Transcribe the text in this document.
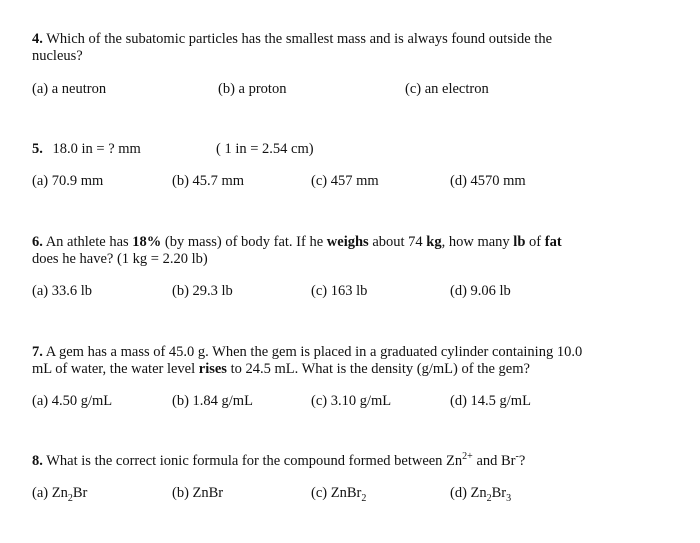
4. Which of the subatomic particles has the smallest mass and is always found outside the
nucleus?
(a) a neutron	(b) a proton	(c) an electron
5. 18.0 in = ? mm	( 1 in = 2.54 cm)
(a) 70.9 mm	(b) 45.7 mm	(c) 457 mm	(d) 4570 mm
6. An athlete has 18% (by mass) of body fat. If he weighs about 74 kg, how many lb of fat
does he have? (1 kg = 2.20 lb)
(a) 33.6 lb	(b) 29.3 lb	(c) 163 lb	(d) 9.06 lb
7. A gem has a mass of 45.0 g. When the gem is placed in a graduated cylinder containing 10.0
mL of water, the water level rises to 24.5 mL. What is the density (g/mL) of the gem?
(a) 4.50 g/mL	(b) 1.84 g/mL	(c) 3.10 g/mL	(d) 14.5 g/mL
8. What is the correct ionic formula for the compound formed between $Zn^{2+}$ and Br-?
(a) $Zn_2Br$	(b) ZnBr	(c) ZnBr$_2$	(d) $Zn_2Br_3$
